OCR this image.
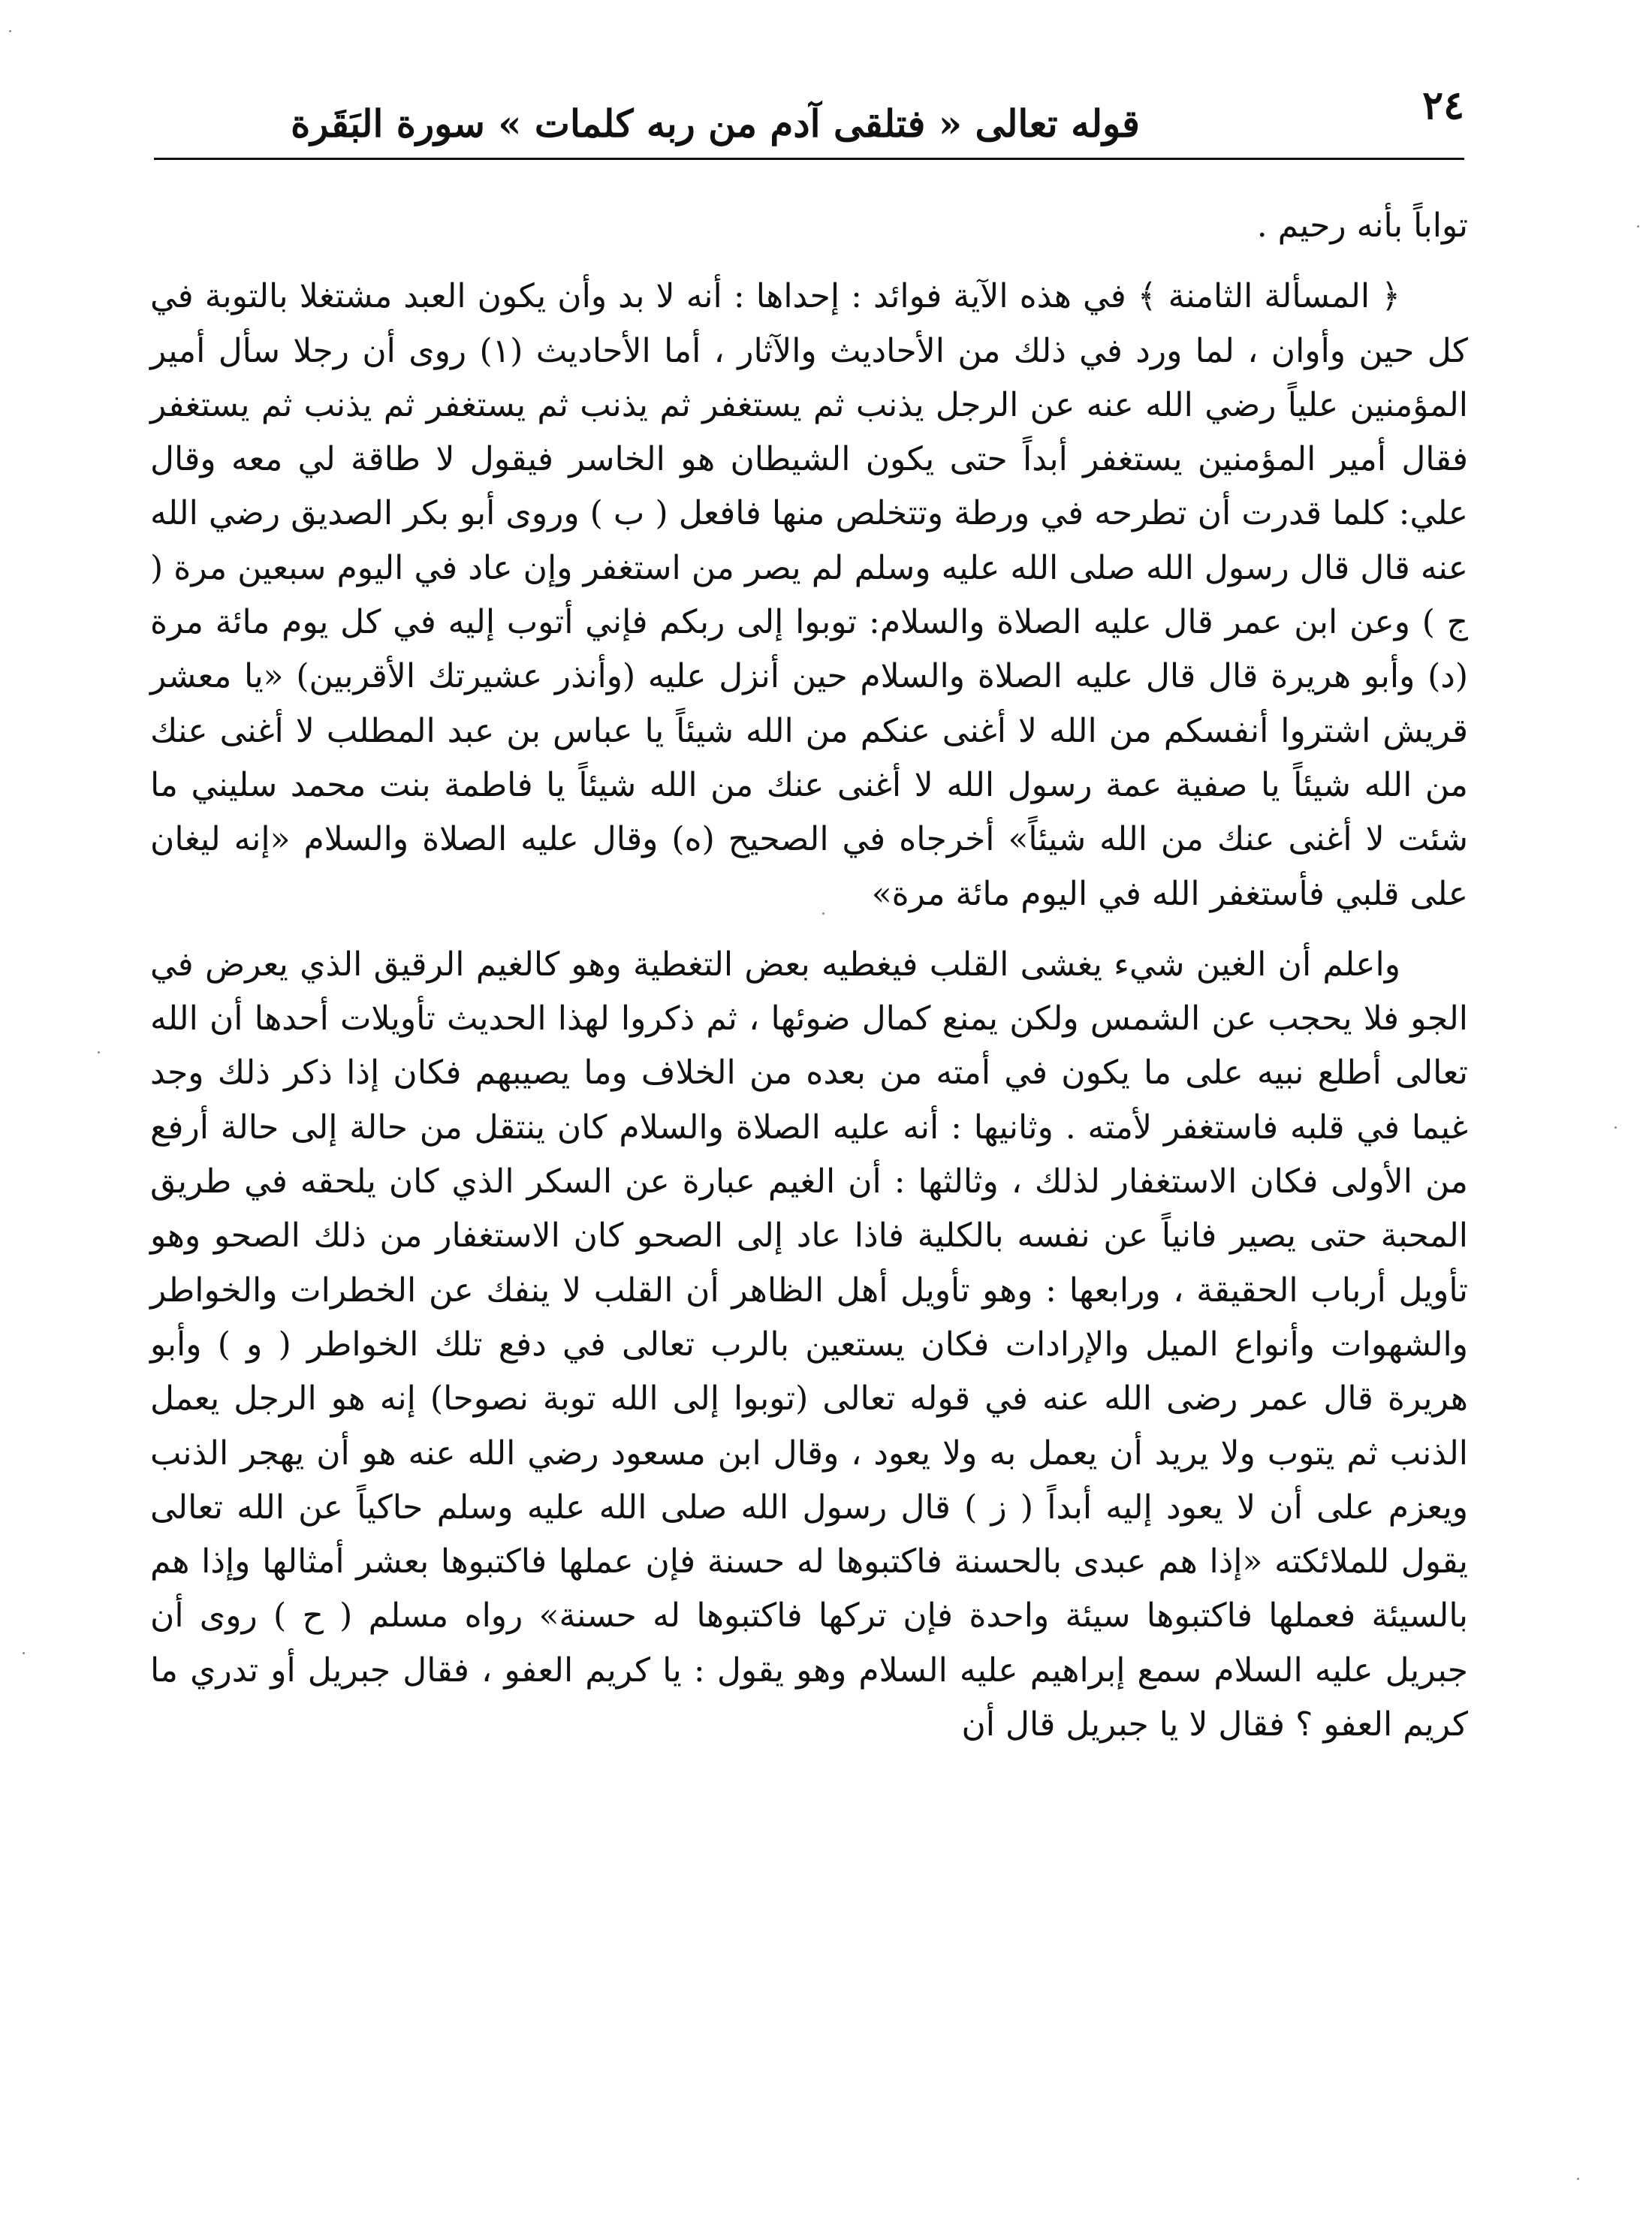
٢٤
قوله تعالى « فتلقى آدم من ربه كلمات » سورة البَقَرة

تواباً بأنه رحيم .

﴿ المسألة الثامنة ﴾ في هذه الآية فوائد : إحداها : أنه لا بد وأن يكون العبد مشتغلا بالتوبة في كل حين وأوان ، لما ورد في ذلك من الأحاديث والآثار ، أما الأحاديث (١) روى أن رجلا سأل أمير المؤمنين علياً رضي الله عنه عن الرجل يذنب ثم يستغفر ثم يذنب ثم يستغفر ثم يذنب ثم يستغفر فقال أمير المؤمنين يستغفر أبداً حتى يكون الشيطان هو الخاسر فيقول لا طاقة لي معه وقال علي: كلما قدرت أن تطرحه في ورطة وتتخلص منها فافعل ( ب ) وروى أبو بكر الصديق رضي الله عنه قال قال رسول الله صلى الله عليه وسلم لم يصر من استغفر وإن عاد في اليوم سبعين مرة ( ج ) وعن ابن عمر قال عليه الصلاة والسلام: توبوا إلى ربكم فإني أتوب إليه في كل يوم مائة مرة (د) وأبو هريرة قال قال عليه الصلاة والسلام حين أنزل عليه (وأنذر عشيرتك الأقربين) «يا معشر قريش اشتروا أنفسكم من الله لا أغنى عنكم من الله شيئاً يا عباس بن عبد المطلب لا أغنى عنك من الله شيئاً يا صفية عمة رسول الله لا أغنى عنك من الله شيئاً يا فاطمة بنت محمد سليني ما شئت لا أغنى عنك من الله شيئاً» أخرجاه في الصحيح (ه) وقال عليه الصلاة والسلام «إنه ليغان على قلبي فأستغفر الله في اليوم مائة مرة»

واعلم أن الغين شيء يغشى القلب فيغطيه بعض التغطية وهو كالغيم الرقيق الذي يعرض في الجو فلا يحجب عن الشمس ولكن يمنع كمال ضوئها ، ثم ذكروا لهذا الحديث تأويلات أحدها أن الله تعالى أطلع نبيه على ما يكون في أمته من بعده من الخلاف وما يصيبهم فكان إذا ذكر ذلك وجد غيما في قلبه فاستغفر لأمته . وثانيها : أنه عليه الصلاة والسلام كان ينتقل من حالة إلى حالة أرفع من الأولى فكان الاستغفار لذلك ، وثالثها : أن الغيم عبارة عن السكر الذي كان يلحقه في طريق المحبة حتى يصير فانياً عن نفسه بالكلية فاذا عاد إلى الصحو كان الاستغفار من ذلك الصحو وهو تأويل أرباب الحقيقة ، ورابعها : وهو تأويل أهل الظاهر أن القلب لا ينفك عن الخطرات والخواطر والشهوات وأنواع الميل والإرادات فكان يستعين بالرب تعالى في دفع تلك الخواطر ( و ) وأبو هريرة قال عمر رضى الله عنه في قوله تعالى (توبوا إلى الله توبة نصوحا) إنه هو الرجل يعمل الذنب ثم يتوب ولا يريد أن يعمل به ولا يعود ، وقال ابن مسعود رضي الله عنه هو أن يهجر الذنب ويعزم على أن لا يعود إليه أبداً ( ز ) قال رسول الله صلى الله عليه وسلم حاكياً عن الله تعالى يقول للملائكته «إذا هم عبدى بالحسنة فاكتبوها له حسنة فإن عملها فاكتبوها بعشر أمثالها وإذا هم بالسيئة فعملها فاكتبوها سيئة واحدة فإن تركها فاكتبوها له حسنة» رواه مسلم ( ح ) روى أن جبريل عليه السلام سمع إبراهيم عليه السلام وهو يقول : يا كريم العفو ، فقال جبريل أو تدري ما كريم العفو ؟ فقال لا يا جبريل قال أن
